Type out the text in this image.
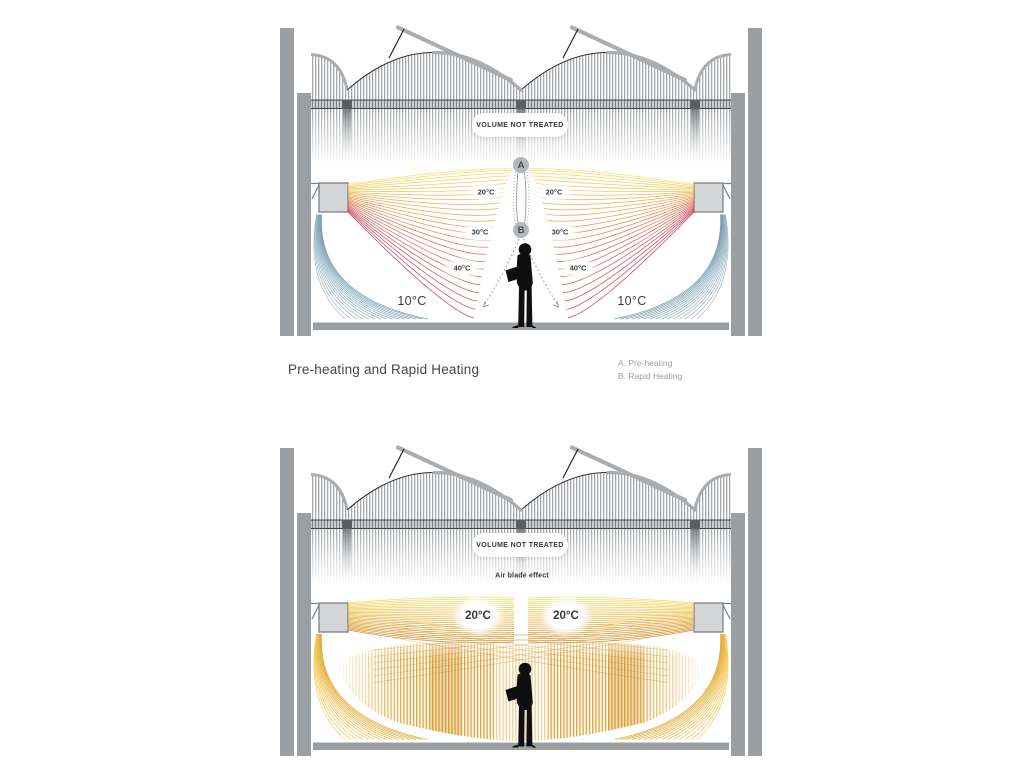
VOLUME NOT TREATED
A
B
20°C	20°C
30°C	30°C
40°C	40°C
10°C	10°C
Pre-heating and Rapid Heating	A. Pre-heating
B. Rapid Heating
VOLUME NOT TREATED
Air blade effect
20°C	20°C
